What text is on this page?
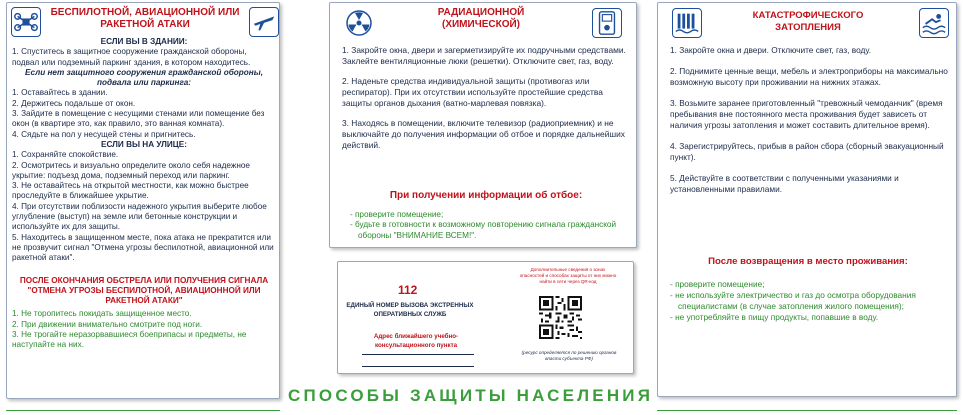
БЕСПИЛОТНОЙ, АВИАЦИОННОЙ ИЛИ РАКЕТНОЙ АТАКИ

ЕСЛИ ВЫ В ЗДАНИИ:

1. Спуститесь в защитное сооружение гражданской обороны, подвал или подземный паркинг здания, в котором находитесь.

Если нет защитного сооружения гражданской обороны, подвала или паркинга:

1. Оставайтесь в здании.

2. Держитесь подальше от окон.

3. Зайдите в помещение с несущими стенами или помещение без окон (в квартире это, как правило, это ванная комната).

4. Сядьте на пол у несущей стены и пригнитесь.

ЕСЛИ ВЫ НА УЛИЦЕ:

1. Сохраняйте спокойствие.

2. Осмотритесь и визуально определите около себя надежное укрытие: подъезд дома, подземный переход или паркинг.

3. Не оставайтесь на открытой местности, как можно быстрее проследуйте в ближайшее укрытие.

4. При отсутствии поблизости надежного укрытия выберите любое углубление (выступ) на земле или бетонные конструкции и используйте их для защиты.

5. Находитесь в защищенном месте, пока атака не прекратится или не прозвучит сигнал "Отмена угрозы беспилотной, авиационной или ракетной атаки".

ПОСЛЕ ОКОНЧАНИЯ ОБСТРЕЛА ИЛИ ПОЛУЧЕНИЯ СИГНАЛА "ОТМЕНА УГРОЗЫ БЕСПИЛОТНОЙ, АВИАЦИОННОЙ ИЛИ РАКЕТНОЙ АТАКИ"

1. Не торопитесь покидать защищенное место.

2. При движении внимательно смотрите под ноги.

3. Не трогайте неразорвавшиеся боеприпасы и предметы, не наступайте на них.

РАДИАЦИОННОЙ (ХИМИЧЕСКОЙ)

1. Закройте окна, двери и загерметизируйте их подручными средствами. Заклейте вентиляционные люки (решетки). Отключите свет, газ, воду.

2. Наденьте средства индивидуальной защиты (противогаз или респиратор). При их отсутствии используйте простейшие средства защиты органов дыхания (ватно-марлевая повязка).

3. Находясь в помещении, включите телевизор (радиоприемник) и не выключайте до получения информации об отбое и порядке дальнейших действий.

При получении информации об отбое:

- проверите помещение;

- будьте в готовности к возможному повторению сигнала гражданской обороны "ВНИМАНИЕ ВСЕМ!".

112
ЕДИНЫЙ НОМЕР ВЫЗОВА ЭКСТРЕННЫХ ОПЕРАТИВНЫХ СЛУЖБ
Адрес ближайшего учебно-консультационного пункта
Дополнительные сведения о зонах опасностей и способах защиты от них можно найти в сети через QR-код
(ресурс определяется по решению органов власти субъекта РФ)
КАТАСТРОФИЧЕСКОГО ЗАТОПЛЕНИЯ

1. Закройте окна и двери. Отключите свет, газ, воду.

2. Поднимите ценные вещи, мебель и электроприборы на максимально возможную высоту при проживании на нижних этажах.

3. Возьмите заранее приготовленный "тревожный чемоданчик" (время пребывания вне постоянного места проживания будет зависеть от наличия угрозы затопления и может составить длительное время).

4. Зарегистрируйтесь, прибыв в район сбора (сборный эвакуационный пункт).

5. Действуйте в соответствии с полученными указаниями и установленными правилами.

После возвращения в место проживания:

- проверите помещение;

- не используйте электричество и газ до осмотра оборудования специалистами (в случае затопления жилого помещения);

- не употребляйте в пищу продукты, попавшие в воду.

СПОСОБЫ ЗАЩИТЫ НАСЕЛЕНИЯ
